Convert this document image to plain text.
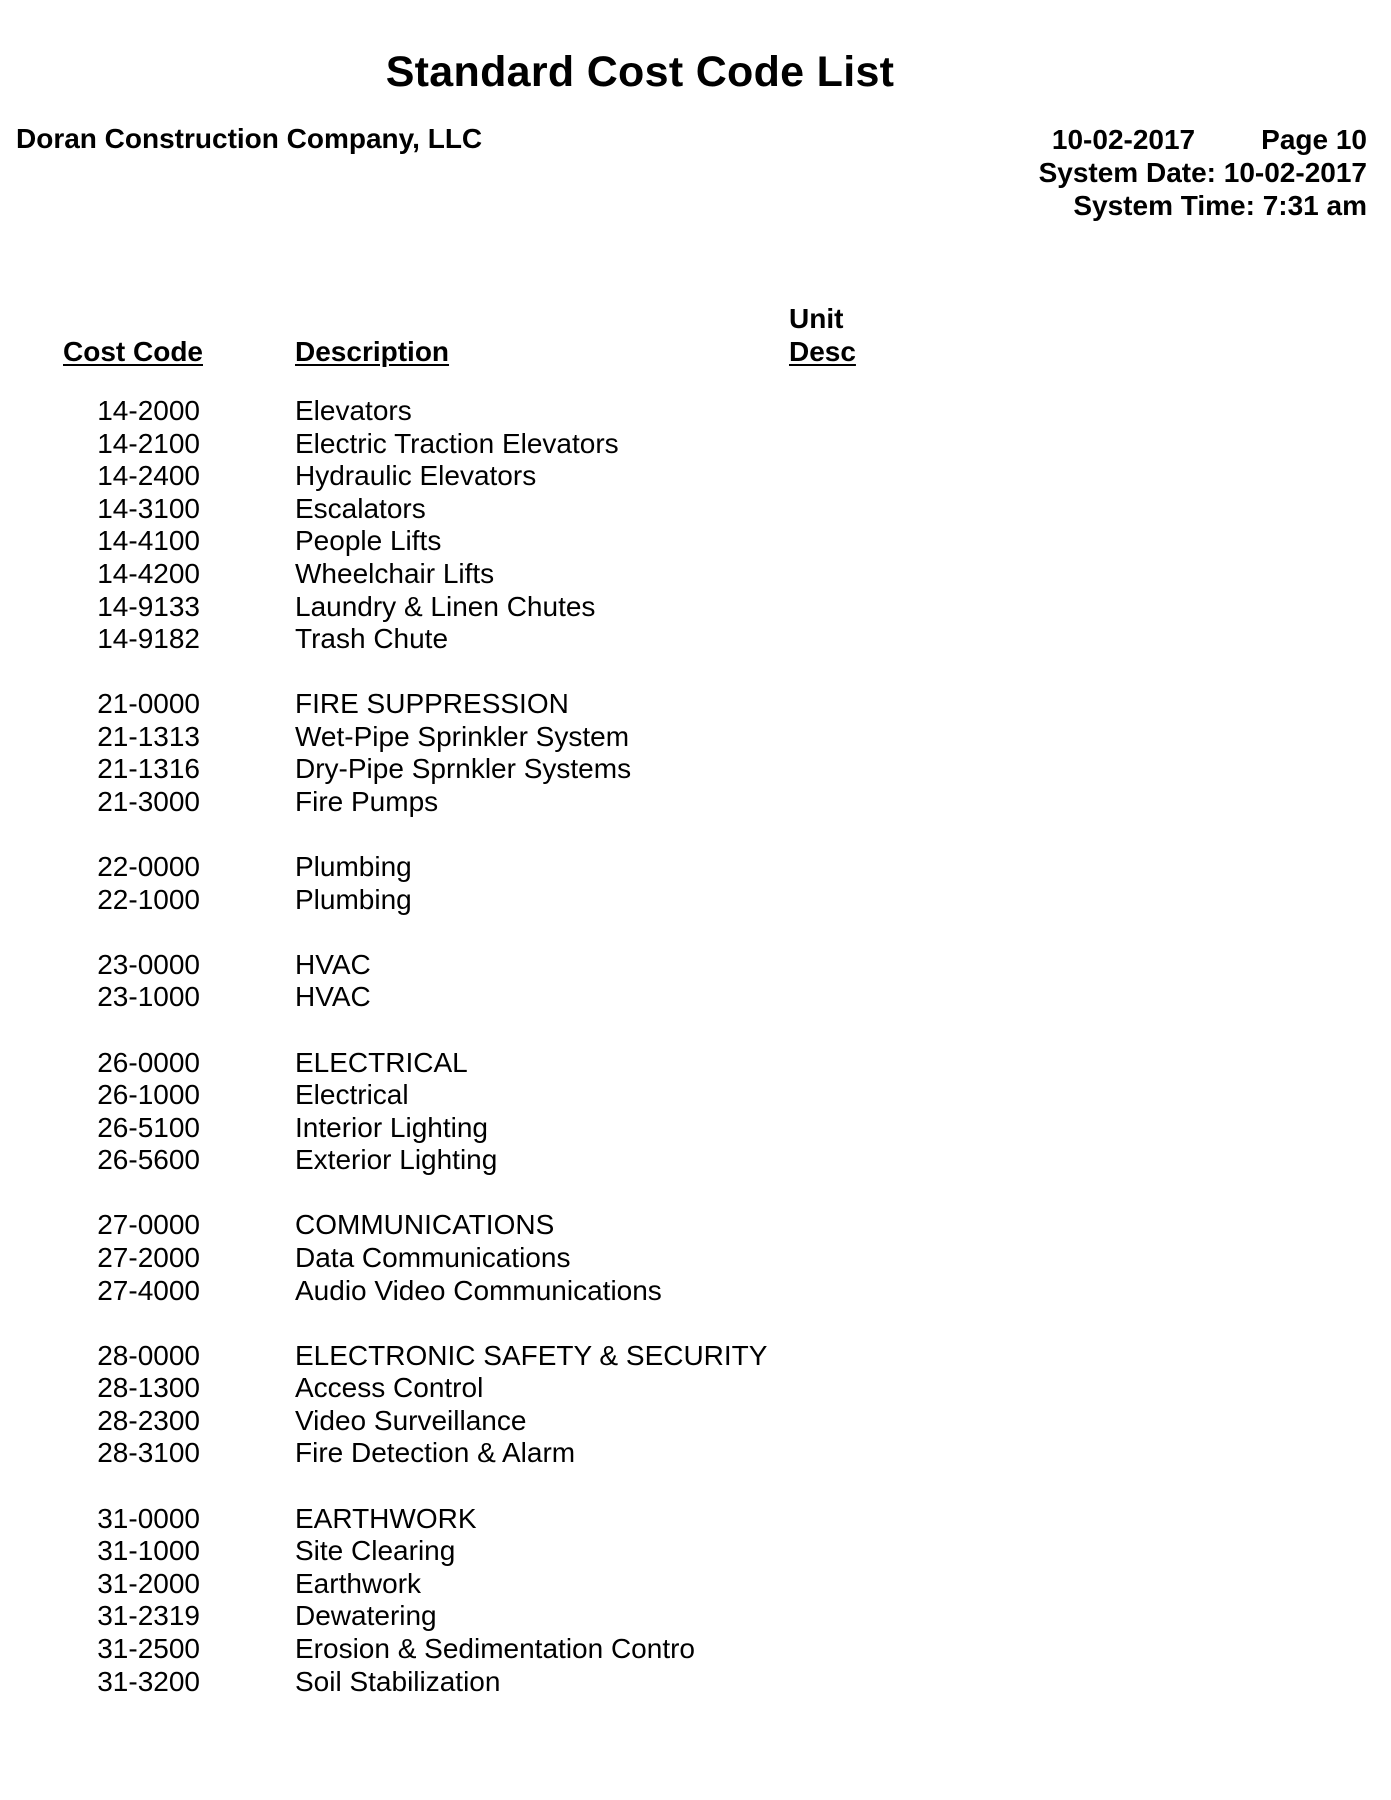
Standard Cost Code List
Doran Construction Company, LLC	10-02-2017 Page 10
System Date: 10-02-2017
System Time: 7:31 am
Cost Code	Description
Unit
Desc
14-2000	Elevators
14-2100	Electric Traction Elevators
14-2400	Hydraulic Elevators
14-3100	Escalators
14-4100	People Lifts
14-4200	Wheelchair Lifts
14-9133	Laundry & Linen Chutes
14-9182	Trash Chute
21-0000	FIRE SUPPRESSION
21-1313	Wet-Pipe Sprinkler System
21-1316	Dry-Pipe Sprnkler Systems
21-3000	Fire Pumps
22-0000	Plumbing
22-1000	Plumbing
23-0000	HVAC
23-1000	HVAC
26-0000	ELECTRICAL
26-1000	Electrical
26-5100	Interior Lighting
26-5600	Exterior Lighting
27-0000	COMMUNICATIONS
27-2000	Data Communications
27-4000	Audio Video Communications
28-0000	ELECTRONIC SAFETY & SECURITY
28-1300	Access Control
28-2300	Video Surveillance
28-3100	Fire Detection & Alarm
31-0000	EARTHWORK
31-1000	Site Clearing
31-2000	Earthwork
31-2319	Dewatering
31-2500	Erosion & Sedimentation Contro
31-3200	Soil Stabilization
